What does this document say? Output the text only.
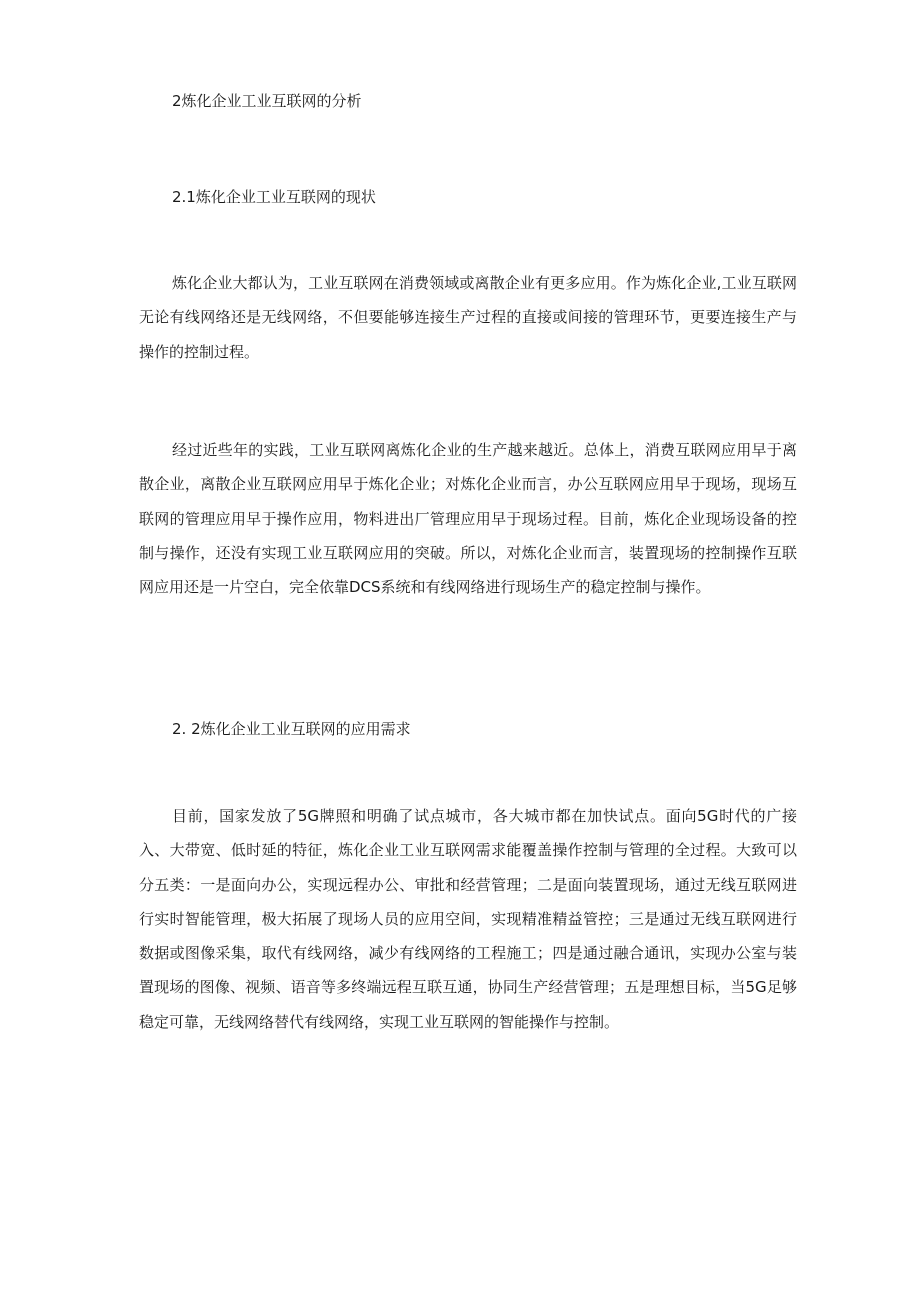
2炼化企业工业互联网的分析
2.1炼化企业工业互联网的现状

炼化企业大都认为，工业互联网在消费领域或离散企业有更多应用。作为炼化企业,工业互联网无论有线网络还是无线网络，不但要能够连接生产过程的直接或间接的管理环节，更要连接生产与操作的控制过程。

经过近些年的实践，工业互联网离炼化企业的生产越来越近。总体上，消费互联网应用早于离散企业，离散企业互联网应用早于炼化企业；对炼化企业而言，办公互联网应用早于现场，现场互联网的管理应用早于操作应用，物料进出厂管理应用早于现场过程。目前，炼化企业现场设备的控制与操作，还没有实现工业互联网应用的突破。所以，对炼化企业而言，装置现场的控制操作互联网应用还是一片空白，完全依靠DCS系统和有线网络进行现场生产的稳定控制与操作。

2. 2炼化企业工业互联网的应用需求

目前，国家发放了5G牌照和明确了试点城市，各大城市都在加快试点。面向5G时代的广接入、大带宽、低时延的特征，炼化企业工业互联网需求能覆盖操作控制与管理的全过程。大致可以分五类：一是面向办公，实现远程办公、审批和经营管理；二是面向装置现场，通过无线互联网进行实时智能管理，极大拓展了现场人员的应用空间，实现精准精益管控；三是通过无线互联网进行数据或图像采集，取代有线网络，减少有线网络的工程施工；四是通过融合通讯，实现办公室与装置现场的图像、视频、语音等多终端远程互联互通，协同生产经营管理；五是理想目标，当5G足够稳定可靠，无线网络替代有线网络，实现工业互联网的智能操作与控制。
